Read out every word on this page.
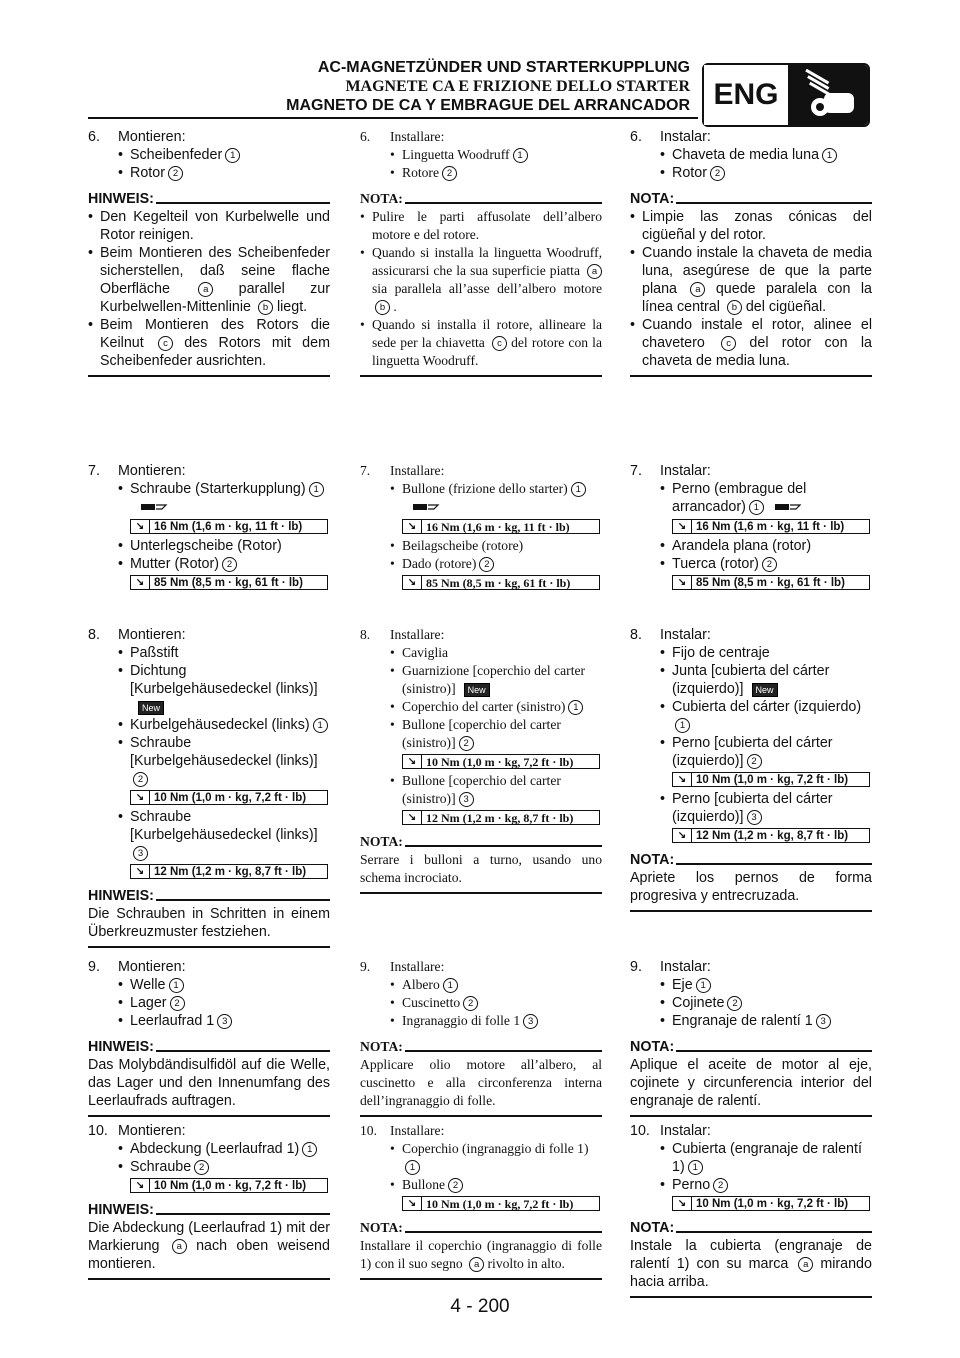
AC-MAGNETZÜNDER UND STARTERKUPPLUNG
MAGNETE CA E FRIZIONE DELLO STARTER
MAGNETO DE CA Y EMBRAGUE DEL ARRANCADOR ENG
6.	Montieren:
• Scheibenfeder 1
• Rotor 2
HINWEIS:
• Den Kegelteil von Kurbelwelle und Rotor reinigen.
• Beim Montieren des Scheibenfeder sicherstellen, daß seine flache Oberfläche	a parallel zur Kurbelwellen-Mittenlinie b liegt.
• Beim Montieren des Rotors die Keilnut c des Rotors mit dem Scheibenfeder ausrichten.
7.	Montieren:
• Schraube (Starterkupplung) 1
↘ 16 Nm (1,6 m · kg, 11 ft · lb)
• Unterlegscheibe (Rotor)
• Mutter (Rotor) 2
↘ 85 Nm (8,5 m · kg, 61 ft · lb)
8.	Montieren:
• Paßstift
• Dichtung [Kurbelgehäusedeckel (links)]New
• Kurbelgehäusedeckel (links) 1
• Schraube [Kurbelgehäusedeckel (links)]2
↘ 10 Nm (1,0 m · kg, 7,2 ft · lb)
• Schraube [Kurbelgehäusedeckel (links)]3
↘ 12 Nm (1,2 m · kg, 8,7 ft · lb)
HINWEIS:
Die Schrauben in Schritten in einem Überkreuzmuster festziehen.
9.	Montieren:
• Welle 1
• Lager 2
• Leerlaufrad 1 3
HINWEIS:
Das Molybdändisulfidöl auf die Welle, das Lager und den Innenumfang des Leerlaufrads auftragen.
10. Montieren:
• Abdeckung (Leerlaufrad 1) 1
• Schraube 2
↘ 10 Nm (1,0 m · kg, 7,2 ft · lb)
HINWEIS:
Die Abdeckung (Leerlaufrad 1) mit der Markierung a nach oben weisend montieren.
6.	Installare:
• Linguetta Woodruff 1
• Rotore 2
NOTA:
• Pulire le parti affusolate dell’albero motore e del rotore.
• Quando si installa la linguetta Woodruff, assicurarsi che la sua superficie piatta a sia parallela all’asse dell’albero motore b .
• Quando si installa il rotore, allineare la sede per la chiavetta c del rotore con la linguetta Woodruff.
7.	Installare:
• Bullone (frizione dello starter) 1
↘ 16 Nm (1,6 m · kg, 11 ft · lb)
• Beilagscheibe (rotore)
• Dado (rotore) 2
↘ 85 Nm (8,5 m · kg, 61 ft · lb)
8.	Installare:
• Caviglia
• Guarnizione [coperchio del carter (sinistro)] New
• Coperchio del carter (sinistro) 1
• Bullone [coperchio del carter (sinistro)] 2
↘ 10 Nm (1,0 m · kg, 7,2 ft · lb)
• Bullone [coperchio del carter (sinistro)] 3
↘ 12 Nm (1,2 m · kg, 8,7 ft · lb)
NOTA:
Serrare i bulloni a turno, usando uno schema incrociato.
9.	Installare:
• Albero 1
• Cuscinetto 2
• Ingranaggio di folle 1 3
NOTA:
Applicare olio motore all’albero, al cuscinetto e alla circonferenza interna dell’ingranaggio di folle.
10. Installare:
• Coperchio (ingranaggio di folle 1)1
• Bullone 2
↘ 10 Nm (1,0 m · kg, 7,2 ft · lb)
NOTA:
Installare il coperchio (ingranaggio di folle 1) con il suo segno a rivolto in alto.
6.	Instalar:
• Chaveta de media luna 1
• Rotor 2
NOTA:
• Limpie las zonas cónicas del cigüeñal y del rotor.
• Cuando instale la chaveta de media luna, asegúrese de que la parte plana a quede paralela con la línea central b del cigüeñal.
• Cuando instale el rotor, alinee el chavetero c del rotor con la chaveta de media luna.
7.	Instalar:
• Perno (embrague del arrancador) 1
↘ 16 Nm (1,6 m · kg, 11 ft · lb)
• Arandela plana (rotor)
• Tuerca (rotor) 2
↘ 85 Nm (8,5 m · kg, 61 ft · lb)
8.	Instalar:
• Fijo de centraje
• Junta [cubierta del cárter (izquierdo)] New
• Cubierta del cárter (izquierdo)1
• Perno [cubierta del cárter (izquierdo)] 2
↘ 10 Nm (1,0 m · kg, 7,2 ft · lb)
• Perno [cubierta del cárter (izquierdo)] 3
↘ 12 Nm (1,2 m · kg, 8,7 ft · lb)
NOTA:
Apriete los pernos de forma progresiva y entrecruzada.
9.	Instalar:
• Eje 1
• Cojinete 2
• Engranaje de ralentí 1 3
NOTA:
Aplique el aceite de motor al eje, cojinete y circunferencia interior del engranaje de ralentí.
10. Instalar:
• Cubierta (engranaje de ralentí 1) 1
• Perno 2
↘ 10 Nm (1,0 m · kg, 7,2 ft · lb)
NOTA:
Instale la cubierta (engranaje de ralentí 1) con su marca a mirando hacia arriba.
4 - 200
